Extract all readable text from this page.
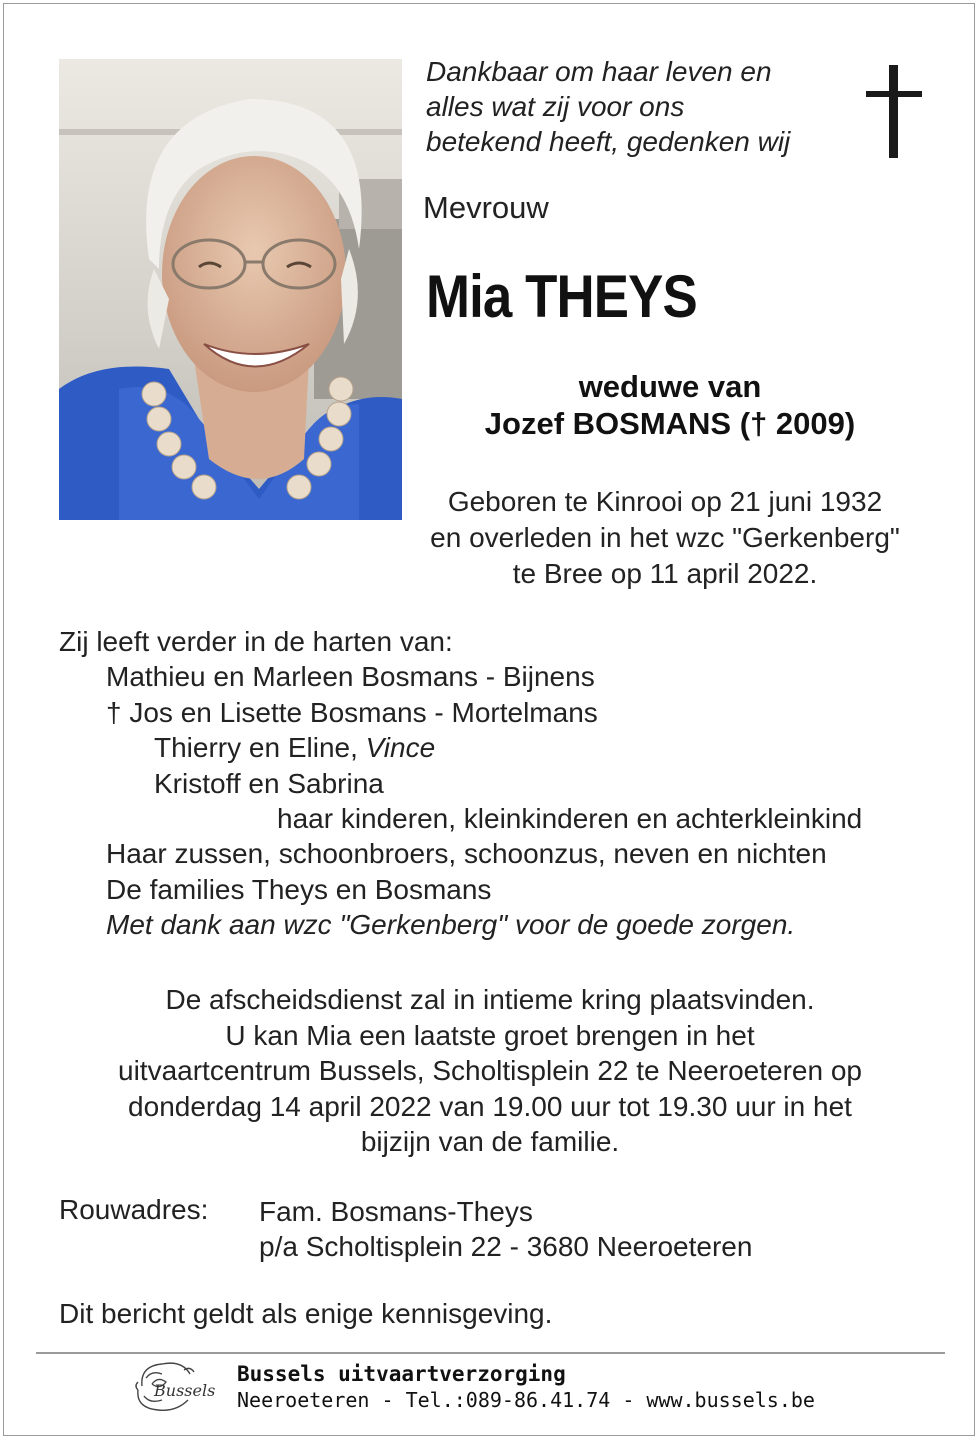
Dankbaar om haar leven en
alles wat zij voor ons
betekend heeft, gedenken wij
Mevrouw
Mia THEYS
weduwe van
Jozef BOSMANS († 2009)
Geboren te Kinrooi op 21 juni 1932
en overleden in het wzc "Gerkenberg"
te Bree op 11 april 2022.
Zij leeft verder in de harten van:
Mathieu en Marleen Bosmans - Bijnens
† Jos en Lisette Bosmans - Mortelmans
Thierry en Eline, Vince
Kristoff en Sabrina
haar kinderen, kleinkinderen en achterkleinkind
Haar zussen, schoonbroers, schoonzus, neven en nichten
De families Theys en Bosmans
Met dank aan wzc "Gerkenberg" voor de goede zorgen.
De afscheidsdienst zal in intieme kring plaatsvinden.
U kan Mia een laatste groet brengen in het
uitvaartcentrum Bussels, Scholtisplein 22 te Neeroeteren op
donderdag 14 april 2022 van 19.00 uur tot 19.30 uur in het
bijzijn van de familie.
Rouwadres: Fam. Bosmans-Theys
p/a Scholtisplein 22 - 3680 Neeroeteren
Dit bericht geldt als enige kennisgeving.
Bussels
Bussels uitvaartverzorging
Neeroeteren - Tel.:089-86.41.74 - www.bussels.be
